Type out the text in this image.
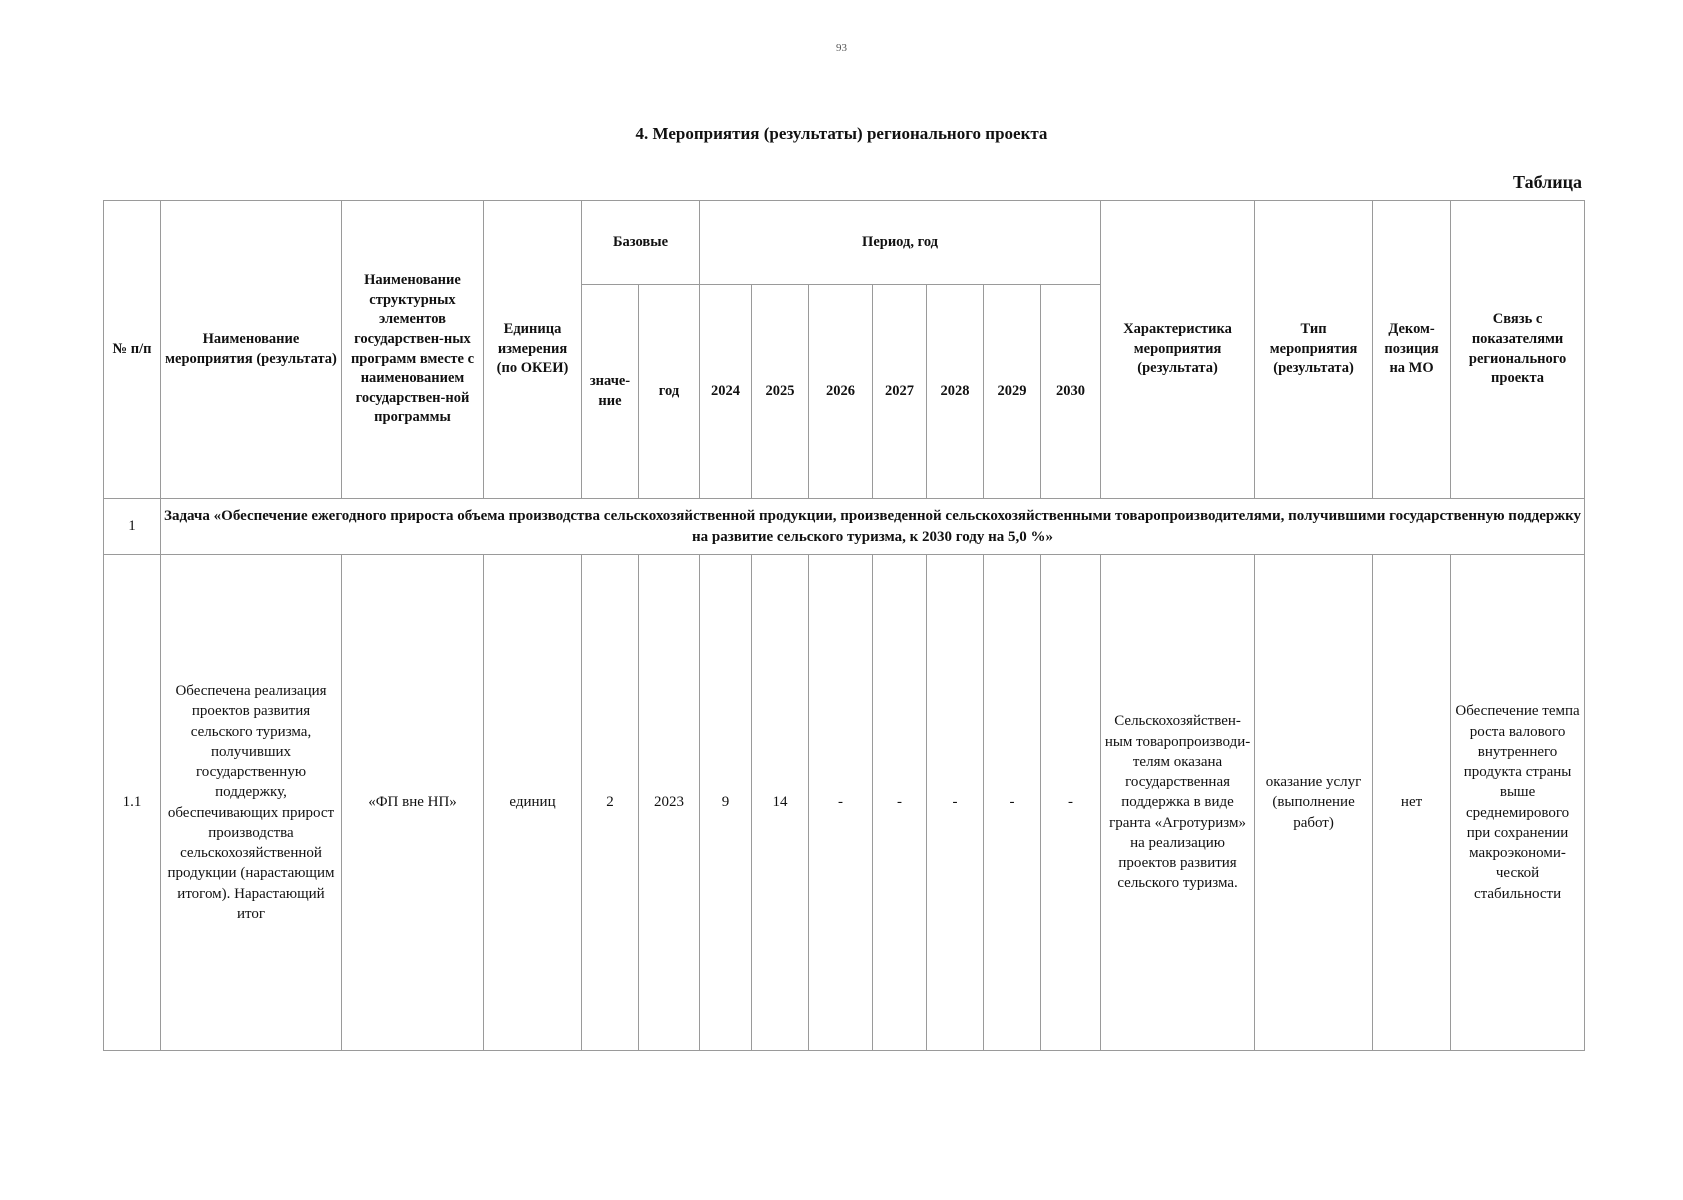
93
4. Мероприятия (результаты) регионального проекта
Таблица
№ п/п	Наименование мероприятия (результата)	Наименование структурных элементов государствен-ных программ вместе с наименованием государствен-ной программы	Единица измерения (по ОКЕИ)	Базовые		Период, год							Характеристика мероприятия (результата)	Тип мероприятия (результата)	Деком-позиция на МО	Связь с показателями регионального проекта
				значе-ние	год	2024	2025	2026	2027	2028	2029	2030				
1	Задача «Обеспечение ежегодного прироста объема производства сельскохозяйственной продукции, произведенной сельскохозяйственными товаропроизводителями, получившими государственную поддержку на развитие сельского туризма, к 2030 году на 5,0 %»															
1.1	Обеспечена реализация проектов развития сельского туризма, получивших государственную поддержку, обеспечивающих прирост производства сельскохозяйственной продукции (нарастающим итогом). Нарастающий итог	«ФП вне НП»	единиц	2	2023	9	14	-	-	-	-	-	Сельскохозяйствен-ным товаропроизводи-телям оказана государственная поддержка в виде гранта «Агротуризм» на реализацию проектов развития сельского туризма.	оказание услуг (выполнение работ)	нет	Обеспечение темпа роста валового внутреннего продукта страны выше среднемирового при сохранении макроэкономи-ческой стабильности
